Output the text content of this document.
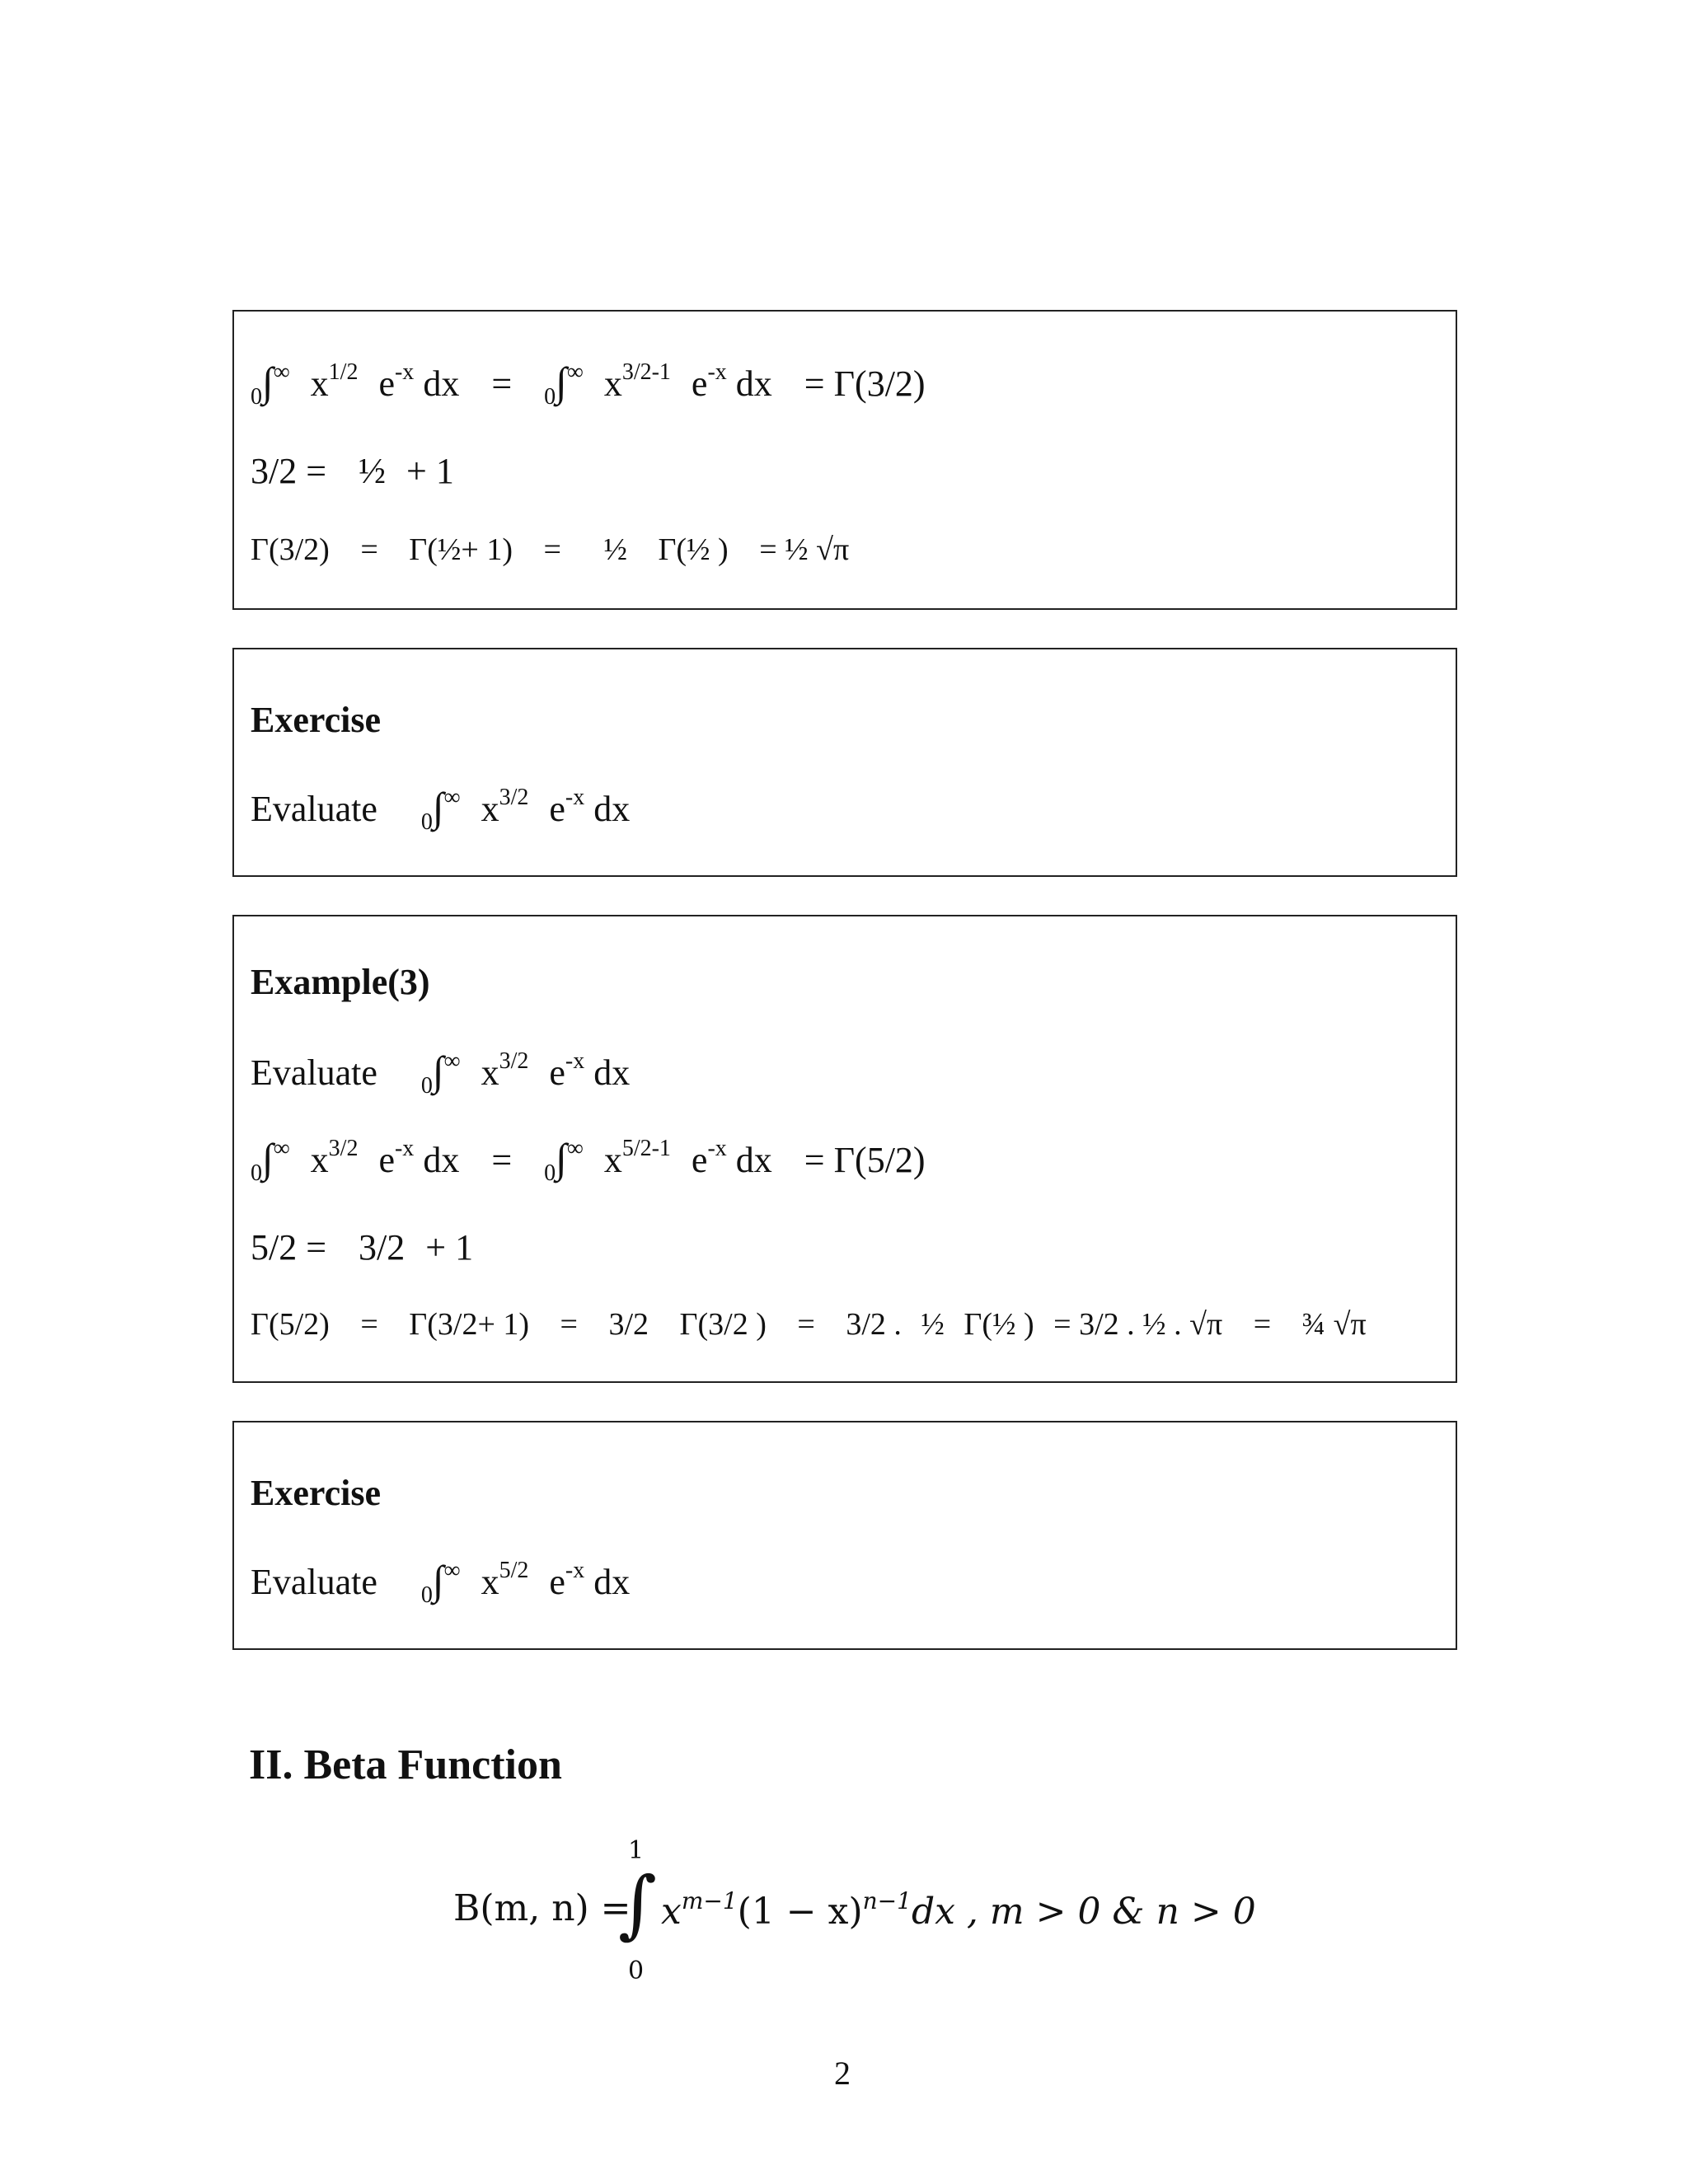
$_0$∫∞ $x^{1/2}$ $e^{-x}$ dx = $_0$∫∞ $x^{3/2-1}$ $e^{-x}$ dx = Γ(3/2)
3/2 = ½ + 1
Γ(3/2) = Γ(½+ 1) = ½ Γ(½ ) = ½ √π
Exercise
Evaluate $_0$∫∞ $x^{3/2}$ $e^{-x}$ dx
Example(3)
Evaluate $_0$∫∞ $x^{3/2}$ $e^{-x}$ dx
$_0$∫∞ $x^{3/2}$ $e^{-x}$ dx = $_0$∫∞ $x^{5/2-1}$ $e^{-x}$ dx = Γ(5/2)
5/2 = 3/2 + 1
Γ(5/2) = Γ(3/2+ 1) = 3/2 Γ(3/2 ) = 3/2 . ½ Γ(½ ) = 3/2 . ½ . √π = ¾ √π
Exercise
Evaluate $_0$∫∞ $x^{5/2}$ $e^{-x}$ dx
II. Beta Function
B(m, n) =
1
∫
0
$x^{m-1}(1 - x)^{n-1}dx$ , m > 0 & n > 0
2
